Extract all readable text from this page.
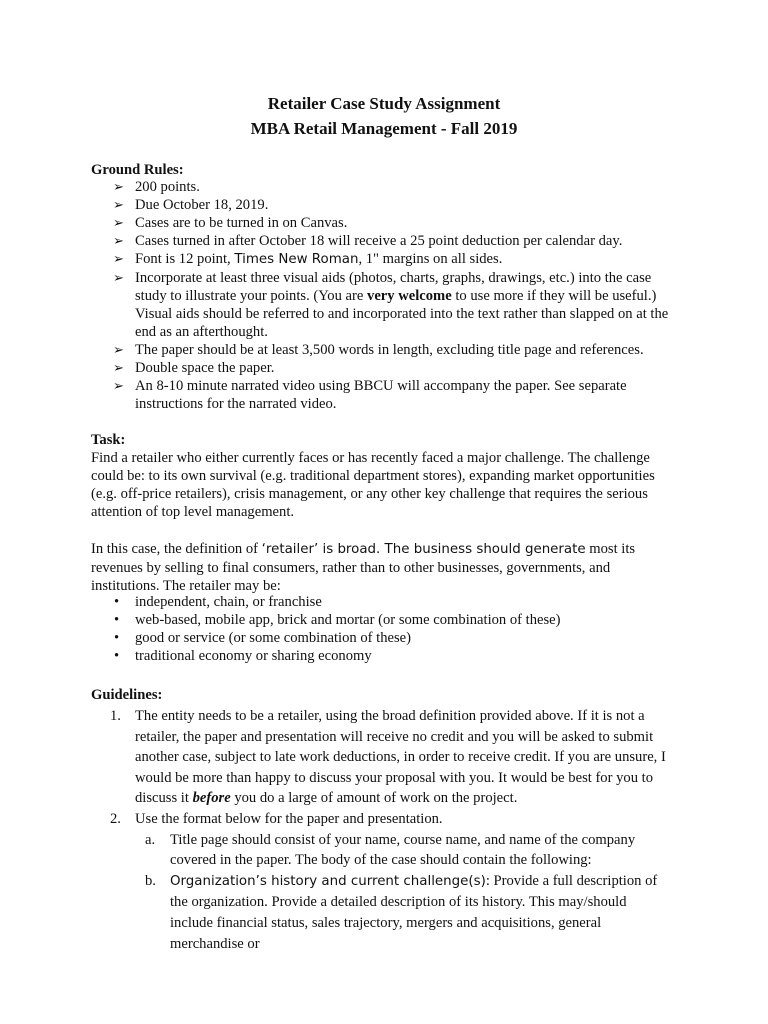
Retailer Case Study Assignment
MBA Retail Management - Fall 2019
Ground Rules:
➢ 200 points.
➢ Due October 18, 2019.
➢ Cases are to be turned in on Canvas.
➢ Cases turned in after October 18 will receive a 25 point deduction per calendar day.
➢ Font is 12 point, Times New Roman, 1" margins on all sides.
➢ Incorporate at least three visual aids (photos, charts, graphs, drawings, etc.) into the case study to illustrate your points. (You are very welcome to use more if they will be useful.) Visual aids should be referred to and incorporated into the text rather than slapped on at the end as an afterthought.
➢ The paper should be at least 3,500 words in length, excluding title page and references.
➢ Double space the paper.
➢ An 8-10 minute narrated video using BBCU will accompany the paper. See separate instructions for the narrated video.
Task:
Find a retailer who either currently faces or has recently faced a major challenge. The challenge could be: to its own survival (e.g. traditional department stores), expanding market opportunities (e.g. off-price retailers), crisis management, or any other key challenge that requires the serious attention of top level management.
In this case, the definition of ‘retailer’ is broad. The business should generate most its revenues by selling to final consumers, rather than to other businesses, governments, and institutions. The retailer may be:
• independent, chain, or franchise
• web-based, mobile app, brick and mortar (or some combination of these)
• good or service (or some combination of these)
• traditional economy or sharing economy
Guidelines:
1. The entity needs to be a retailer, using the broad definition provided above. If it is not a retailer, the paper and presentation will receive no credit and you will be asked to submit another case, subject to late work deductions, in order to receive credit. If you are unsure, I would be more than happy to discuss your proposal with you. It would be best for you to discuss it before you do a large of amount of work on the project.
2. Use the format below for the paper and presentation.
a. Title page should consist of your name, course name, and name of the company covered in the paper. The body of the case should contain the following:
b. Organization’s history and current challenge(s): Provide a full description of the organization. Provide a detailed description of its history. This may/should include financial status, sales trajectory, mergers and acquisitions, general merchandise or
